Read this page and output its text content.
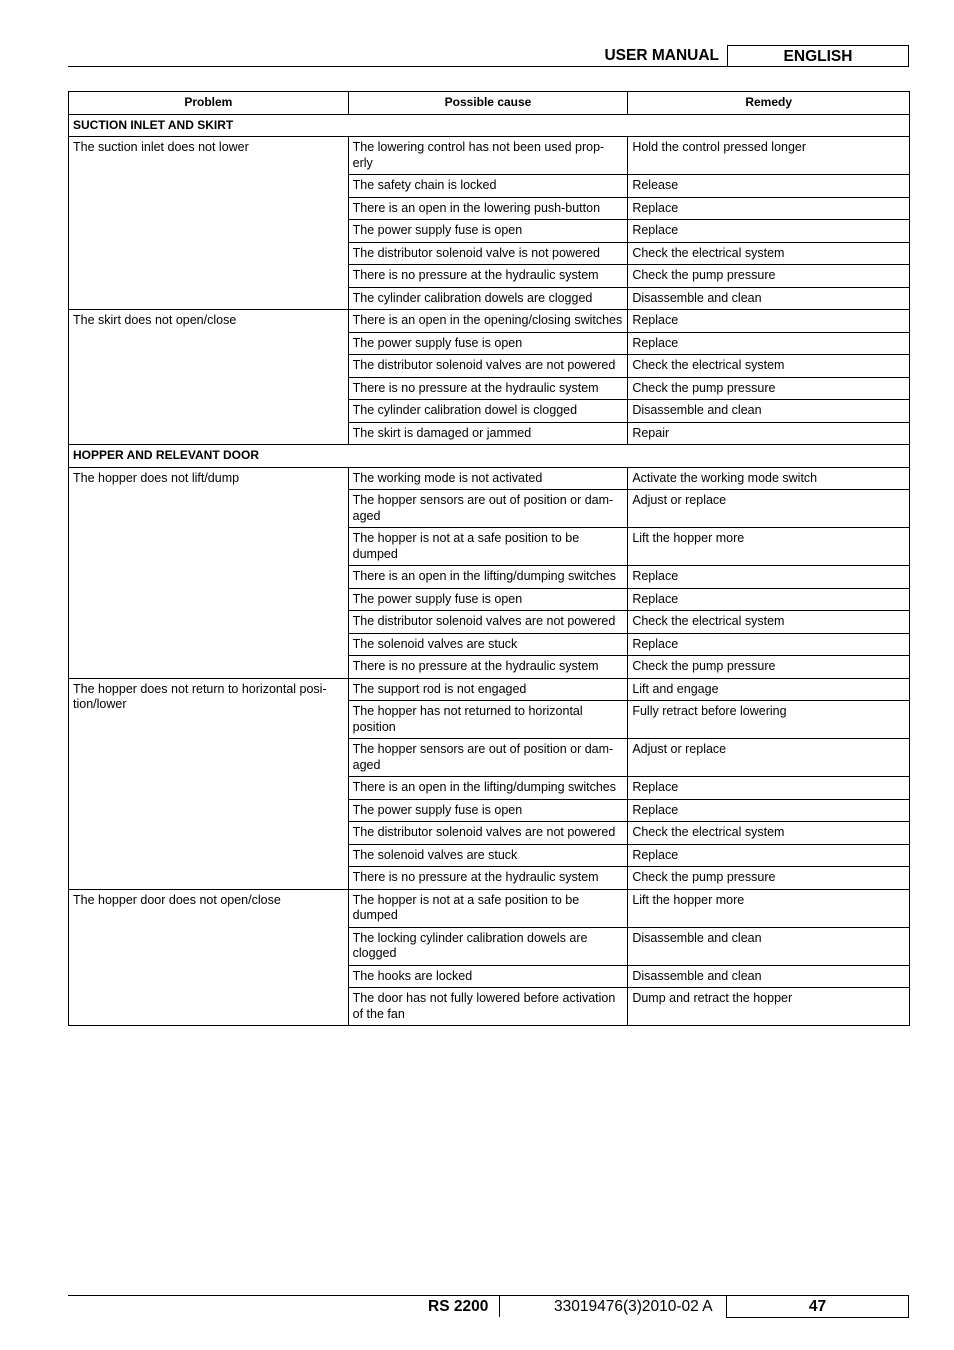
USER MANUAL	ENGLISH
Problem	Possible cause	Remedy
SUCTION INLET AND SKIRT		
The suction inlet does not lower	The lowering control has not been used prop-erly	Hold the control pressed longer
	The safety chain is locked	Release
	There is an open in the lowering push-button	Replace
	The power supply fuse is open	Replace
	The distributor solenoid valve is not powered	Check the electrical system
	There is no pressure at the hydraulic system	Check the pump pressure
	The cylinder calibration dowels are clogged	Disassemble and clean
The skirt does not open/close	There is an open in the opening/closing switches	Replace
	The power supply fuse is open	Replace
	The distributor solenoid valves are not powered	Check the electrical system
	There is no pressure at the hydraulic system	Check the pump pressure
	The cylinder calibration dowel is clogged	Disassemble and clean
	The skirt is damaged or jammed	Repair
HOPPER AND RELEVANT DOOR		
The hopper does not lift/dump	The working mode is not activated	Activate the working mode switch
	The hopper sensors are out of position or dam-aged	Adjust or replace
	The hopper is not at a safe position to be dumped	Lift the hopper more
	There is an open in the lifting/dumping switches	Replace
	The power supply fuse is open	Replace
	The distributor solenoid valves are not powered	Check the electrical system
	The solenoid valves are stuck	Replace
	There is no pressure at the hydraulic system	Check the pump pressure
The hopper does not return to horizontal posi-tion/lower	The support rod is not engaged	Lift and engage
	The hopper has not returned to horizontal position	Fully retract before lowering
	The hopper sensors are out of position or dam-aged	Adjust or replace
	There is an open in the lifting/dumping switches	Replace
	The power supply fuse is open	Replace
	The distributor solenoid valves are not powered	Check the electrical system
	The solenoid valves are stuck	Replace
	There is no pressure at the hydraulic system	Check the pump pressure
The hopper door does not open/close	The hopper is not at a safe position to be dumped	Lift the hopper more
	The locking cylinder calibration dowels are clogged	Disassemble and clean
	The hooks are locked	Disassemble and clean
	The door has not fully lowered before activation of the fan	Dump and retract the hopper
RS 2200	33019476(3)2010-02 A	47
